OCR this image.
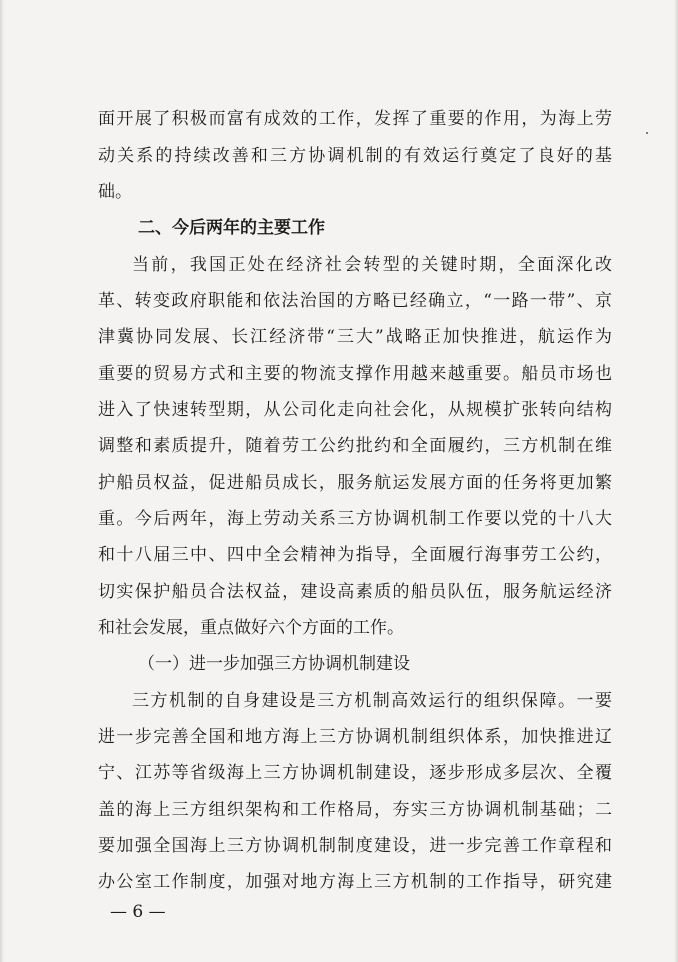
面开展了积极而富有成效的工作，发挥了重要的作用，为海上劳
动关系的持续改善和三方协调机制的有效运行奠定了良好的基
础。
二、今后两年的主要工作
当前，我国正处在经济社会转型的关键时期，全面深化改
革、转变政府职能和依法治国的方略已经确立，“一路一带”、京
津冀协同发展、长江经济带“三大”战略正加快推进，航运作为
重要的贸易方式和主要的物流支撑作用越来越重要。船员市场也
进入了快速转型期，从公司化走向社会化，从规模扩张转向结构
调整和素质提升，随着劳工公约批约和全面履约，三方机制在维
护船员权益，促进船员成长，服务航运发展方面的任务将更加繁
重。今后两年，海上劳动关系三方协调机制工作要以党的十八大
和十八届三中、四中全会精神为指导，全面履行海事劳工公约，
切实保护船员合法权益，建设高素质的船员队伍，服务航运经济
和社会发展，重点做好六个方面的工作。
（一）进一步加强三方协调机制建设
三方机制的自身建设是三方机制高效运行的组织保障。一要
进一步完善全国和地方海上三方协调机制组织体系，加快推进辽
宁、江苏等省级海上三方协调机制建设，逐步形成多层次、全覆
盖的海上三方组织架构和工作格局，夯实三方协调机制基础；二
要加强全国海上三方协调机制制度建设，进一步完善工作章程和
办公室工作制度，加强对地方海上三方机制的工作指导，研究建
— 6 —
